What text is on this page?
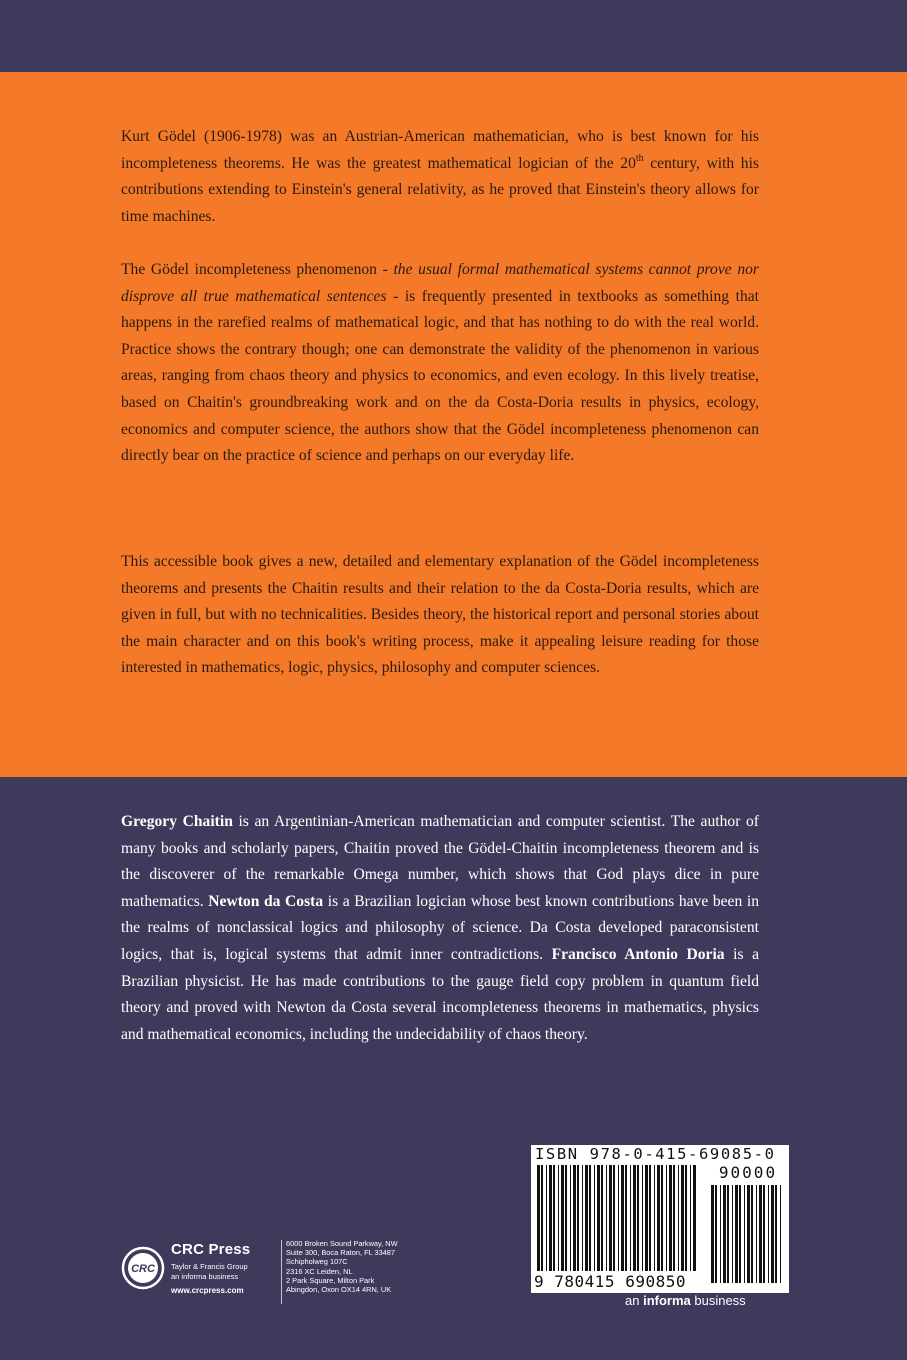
Kurt Gödel (1906-1978) was an Austrian-American mathematician, who is best known for his incompleteness theorems. He was the greatest mathematical logician of the 20th century, with his contributions extending to Einstein's general relativity, as he proved that Einstein's theory allows for time machines.

The Gödel incompleteness phenomenon - the usual formal mathematical systems cannot prove nor disprove all true mathematical sentences - is frequently presented in textbooks as something that happens in the rarefied realms of mathematical logic, and that has nothing to do with the real world. Practice shows the contrary though; one can demonstrate the validity of the phenomenon in various areas, ranging from chaos theory and physics to economics, and even ecology. In this lively treatise, based on Chaitin's groundbreaking work and on the da Costa-Doria results in physics, ecology, economics and computer science, the authors show that the Gödel incompleteness phenomenon can directly bear on the practice of science and perhaps on our everyday life.

This accessible book gives a new, detailed and elementary explanation of the Gödel incompleteness theorems and presents the Chaitin results and their relation to the da Costa-Doria results, which are given in full, but with no technicalities. Besides theory, the historical report and personal stories about the main character and on this book's writing process, make it appealing leisure reading for those interested in mathematics, logic, physics, philosophy and computer sciences.

Gregory Chaitin is an Argentinian-American mathematician and computer scientist. The author of many books and scholarly papers, Chaitin proved the Gödel-Chaitin incompleteness theorem and is the discoverer of the remarkable Omega number, which shows that God plays dice in pure mathematics. Newton da Costa is a Brazilian logician whose best known contributions have been in the realms of nonclassical logics and philosophy of science. Da Costa developed paraconsistent logics, that is, logical systems that admit inner contradictions. Francisco Antonio Doria is a Brazilian physicist. He has made contributions to the gauge field copy problem in quantum field theory and proved with Newton da Costa several incompleteness theorems in mathematics, physics and mathematical economics, including the undecidability of chaos theory.

CRC
CRC Press
Taylor & Francis Group
an informa business
www.crcpress.com
6000 Broken Sound Parkway, NW
Suite 300, Boca Raton, FL 33487
Schipholweg 107C
2316 XC Leiden, NL
2 Park Square, Milton Park
Abingdon, Oxon OX14 4RN, UK
ISBN 978-0-415-69085-0
90000
9 780415 690850
an informa business
